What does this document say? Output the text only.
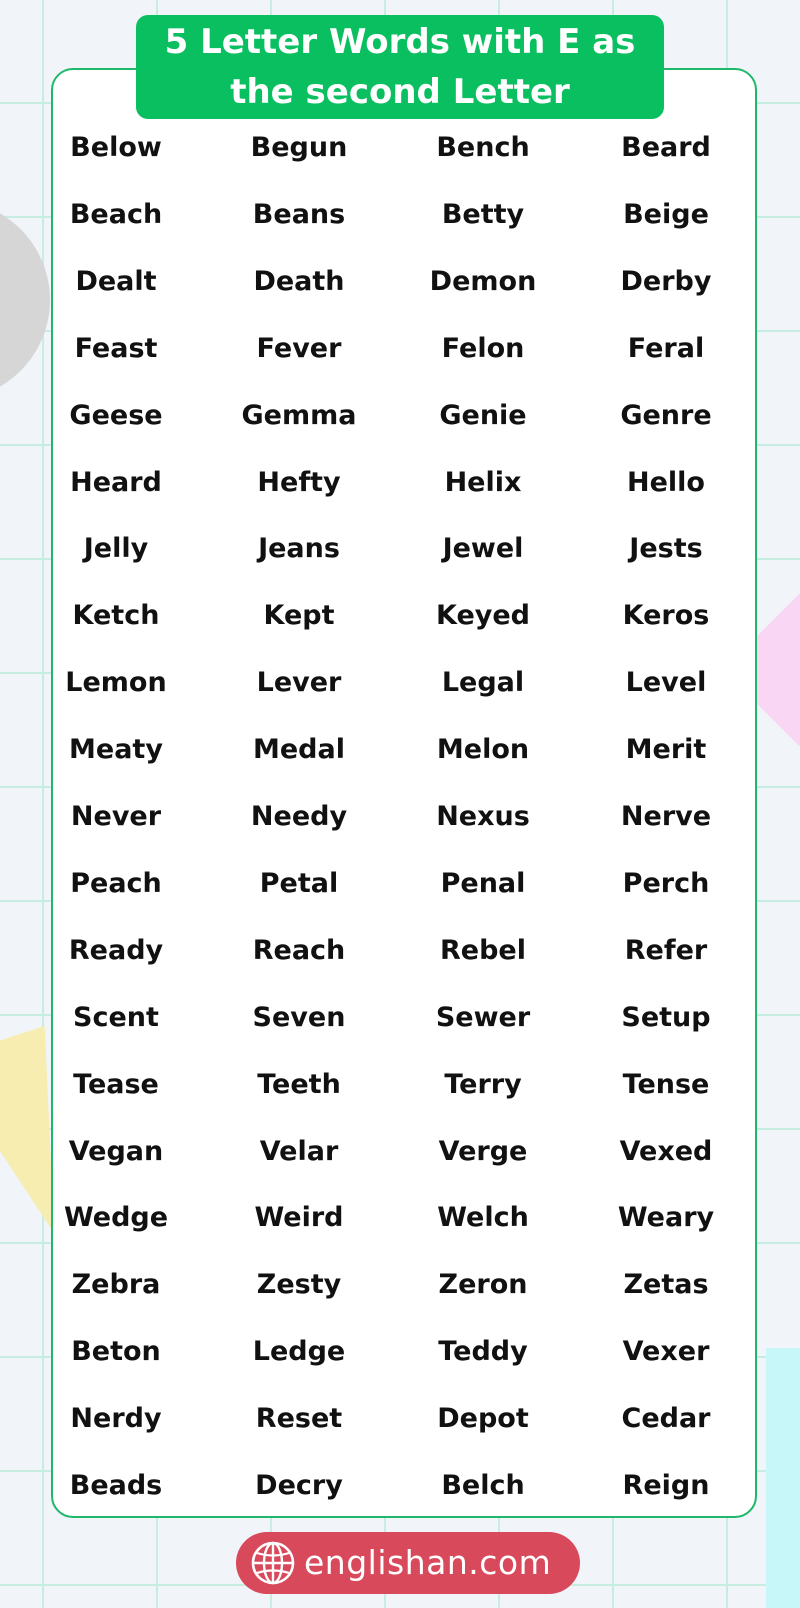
5 Letter Words with E as the second Letter
Below	Begun	Bench	Beard
Beach	Beans	Betty	Beige
Dealt	Death	Demon	Derby
Feast	Fever	Felon	Feral
Geese	Gemma	Genie	Genre
Heard	Hefty	Helix	Hello
Jelly	Jeans	Jewel	Jests
Ketch	Kept	Keyed	Keros
Lemon	Lever	Legal	Level
Meaty	Medal	Melon	Merit
Never	Needy	Nexus	Nerve
Peach	Petal	Penal	Perch
Ready	Reach	Rebel	Refer
Scent	Seven	Sewer	Setup
Tease	Teeth	Terry	Tense
Vegan	Velar	Verge	Vexed
Wedge	Weird	Welch	Weary
Zebra	Zesty	Zeron	Zetas
Beton	Ledge	Teddy	Vexer
Nerdy	Reset	Depot	Cedar
Beads	Decry	Belch	Reign
englishan.com
